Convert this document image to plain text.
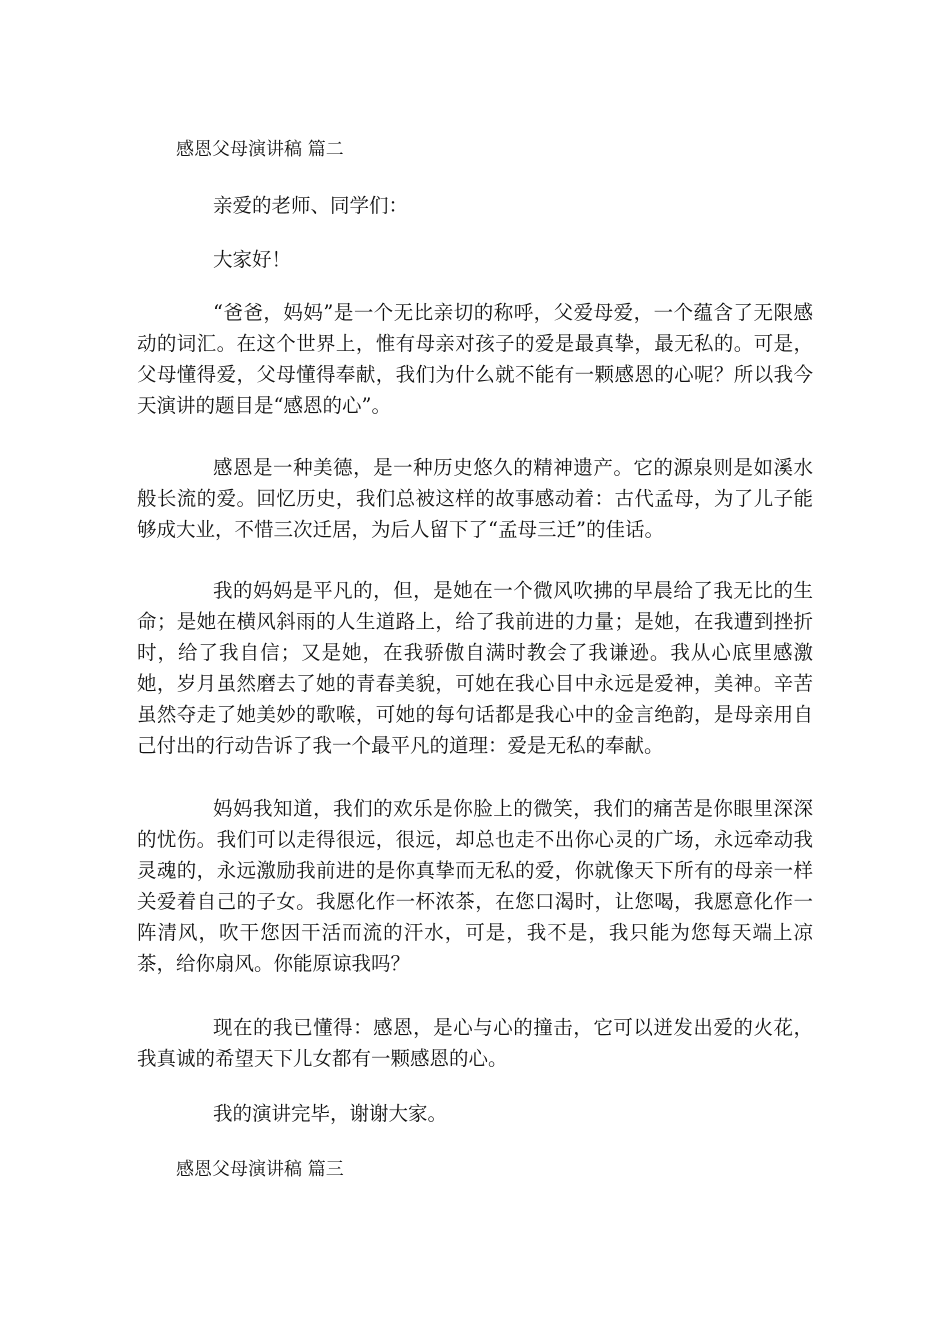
感恩父母演讲稿 篇二

亲爱的老师、同学们：

大家好！

“爸爸，妈妈”是一个无比亲切的称呼，父爱母爱，一个蕴含了无限感动的词汇。在这个世界上，惟有母亲对孩子的爱是最真挚，最无私的。可是，父母懂得爱，父母懂得奉献，我们为什么就不能有一颗感恩的心呢？所以我今天演讲的题目是“感恩的心”。

感恩是一种美德，是一种历史悠久的精神遗产。它的源泉则是如溪水般长流的爱。回忆历史，我们总被这样的故事感动着：古代孟母，为了儿子能够成大业，不惜三次迁居，为后人留下了“孟母三迁”的佳话。

我的妈妈是平凡的，但，是她在一个微风吹拂的早晨给了我无比的生命；是她在横风斜雨的人生道路上，给了我前进的力量；是她，在我遭到挫折时，给了我自信；又是她，在我骄傲自满时教会了我谦逊。我从心底里感激她，岁月虽然磨去了她的青春美貌，可她在我心目中永远是爱神，美神。辛苦虽然夺走了她美妙的歌喉，可她的每句话都是我心中的金言绝韵，是母亲用自己付出的行动告诉了我一个最平凡的道理：爱是无私的奉献。

妈妈我知道，我们的欢乐是你脸上的微笑，我们的痛苦是你眼里深深的忧伤。我们可以走得很远，很远，却总也走不出你心灵的广场，永远牵动我灵魂的，永远激励我前进的是你真挚而无私的爱，你就像天下所有的母亲一样关爱着自己的子女。我愿化作一杯浓茶，在您口渴时，让您喝，我愿意化作一阵清风，吹干您因干活而流的汗水，可是，我不是，我只能为您每天端上凉茶，给你扇风。你能原谅我吗？

现在的我已懂得：感恩，是心与心的撞击，它可以迸发出爱的火花，我真诚的希望天下儿女都有一颗感恩的心。

我的演讲完毕，谢谢大家。

感恩父母演讲稿 篇三
